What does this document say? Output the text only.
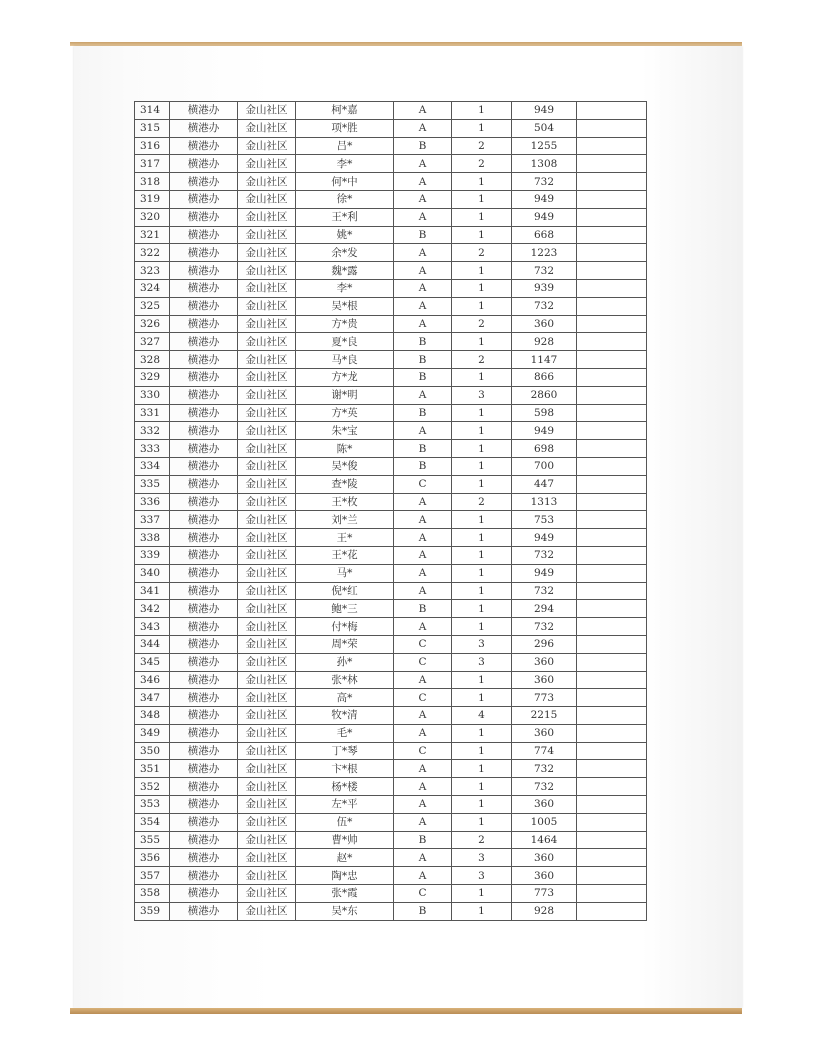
314	横港办	金山社区	柯*嘉	A	1	949	
315	横港办	金山社区	项*胜	A	1	504	
316	横港办	金山社区	吕*	B	2	1255	
317	横港办	金山社区	李*	A	2	1308	
318	横港办	金山社区	何*中	A	1	732	
319	横港办	金山社区	徐*	A	1	949	
320	横港办	金山社区	王*利	A	1	949	
321	横港办	金山社区	姚*	B	1	668	
322	横港办	金山社区	余*发	A	2	1223	
323	横港办	金山社区	魏*露	A	1	732	
324	横港办	金山社区	李*	A	1	939	
325	横港办	金山社区	吴*根	A	1	732	
326	横港办	金山社区	方*贵	A	2	360	
327	横港办	金山社区	夏*良	B	1	928	
328	横港办	金山社区	马*良	B	2	1147	
329	横港办	金山社区	方*龙	B	1	866	
330	横港办	金山社区	谢*明	A	3	2860	
331	横港办	金山社区	方*英	B	1	598	
332	横港办	金山社区	朱*宝	A	1	949	
333	横港办	金山社区	陈*	B	1	698	
334	横港办	金山社区	吴*俊	B	1	700	
335	横港办	金山社区	查*陵	C	1	447	
336	横港办	金山社区	王*枚	A	2	1313	
337	横港办	金山社区	刘*兰	A	1	753	
338	横港办	金山社区	王*	A	1	949	
339	横港办	金山社区	王*花	A	1	732	
340	横港办	金山社区	马*	A	1	949	
341	横港办	金山社区	倪*红	A	1	732	
342	横港办	金山社区	鲍*三	B	1	294	
343	横港办	金山社区	付*梅	A	1	732	
344	横港办	金山社区	周*荣	C	3	296	
345	横港办	金山社区	孙*	C	3	360	
346	横港办	金山社区	张*林	A	1	360	
347	横港办	金山社区	高*	C	1	773	
348	横港办	金山社区	牧*清	A	4	2215	
349	横港办	金山社区	毛*	A	1	360	
350	横港办	金山社区	丁*琴	C	1	774	
351	横港办	金山社区	卞*根	A	1	732	
352	横港办	金山社区	杨*楼	A	1	732	
353	横港办	金山社区	左*平	A	1	360	
354	横港办	金山社区	伍*	A	1	1005	
355	横港办	金山社区	曹*帅	B	2	1464	
356	横港办	金山社区	赵*	A	3	360	
357	横港办	金山社区	陶*忠	A	3	360	
358	横港办	金山社区	张*霞	C	1	773	
359	横港办	金山社区	吴*东	B	1	928	
